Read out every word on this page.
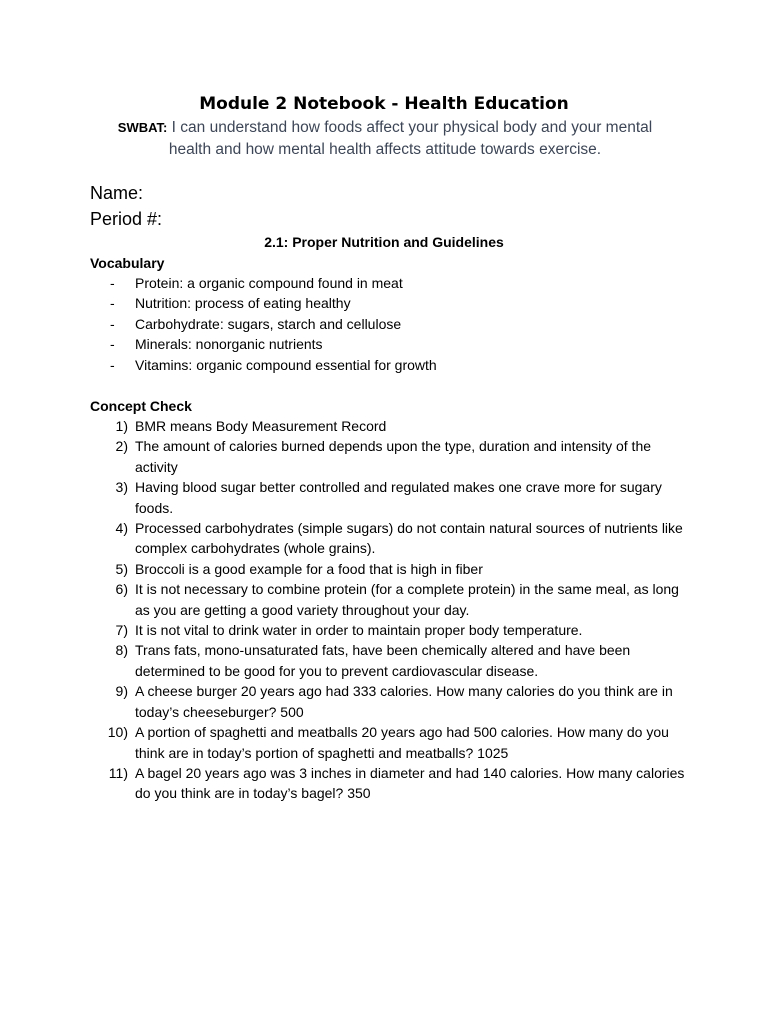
Module 2 Notebook - Health Education
SWBAT: I can understand how foods affect your physical body and your mental health and how mental health affects attitude towards exercise.
Name:
Period #:
2.1: Proper Nutrition and Guidelines
Vocabulary
- Protein: a organic compound found in meat
- Nutrition: process of eating healthy
- Carbohydrate: sugars, starch and cellulose
- Minerals: nonorganic nutrients
- Vitamins: organic compound essential for growth
Concept Check
1) BMR means Body Measurement Record
2) The amount of calories burned depends upon the type, duration and intensity of the activity
3) Having blood sugar better controlled and regulated makes one crave more for sugary foods.
4) Processed carbohydrates (simple sugars) do not contain natural sources of nutrients like complex carbohydrates (whole grains).
5) Broccoli is a good example for a food that is high in fiber
6) It is not necessary to combine protein (for a complete protein) in the same meal, as long as you are getting a good variety throughout your day.
7) It is not vital to drink water in order to maintain proper body temperature.
8) Trans fats, mono-unsaturated fats, have been chemically altered and have been determined to be good for you to prevent cardiovascular disease.
9) A cheese burger 20 years ago had 333 calories. How many calories do you think are in today’s cheeseburger? 500
10) A portion of spaghetti and meatballs 20 years ago had 500 calories. How many do you think are in today’s portion of spaghetti and meatballs? 1025
11) A bagel 20 years ago was 3 inches in diameter and had 140 calories. How many calories do you think are in today’s bagel? 350
